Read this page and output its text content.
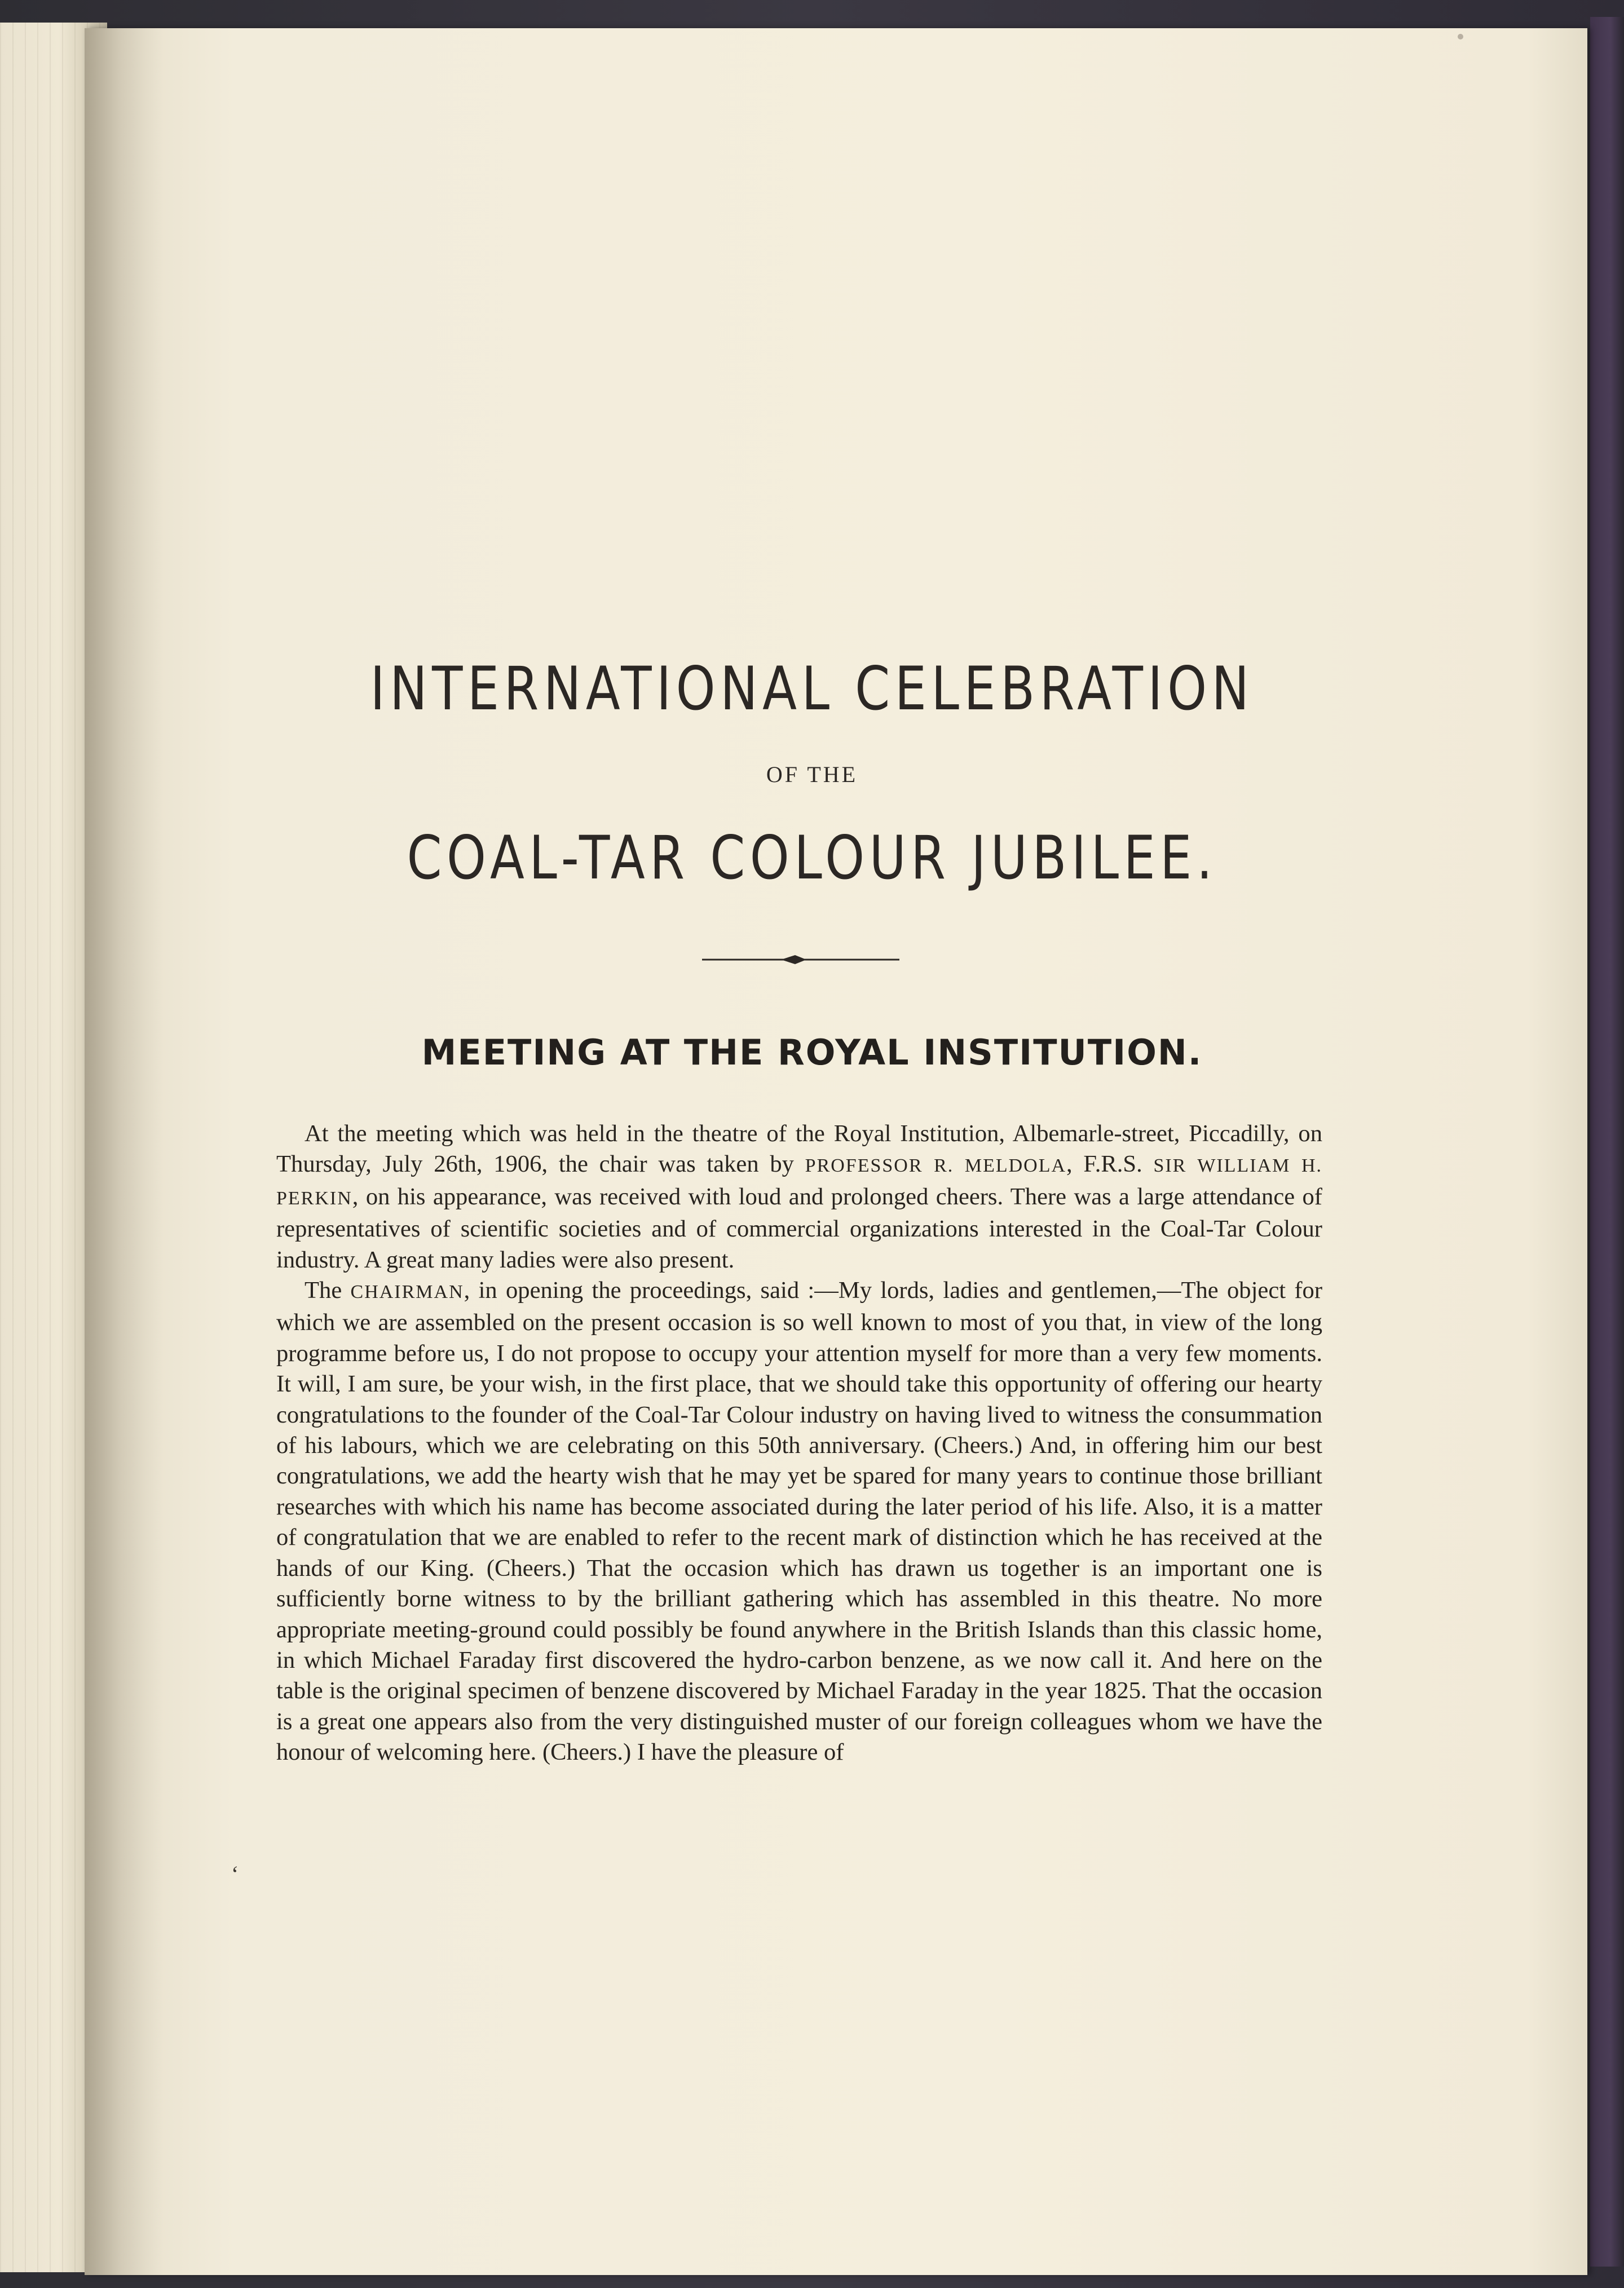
INTERNATIONAL CELEBRATION
OF THE
COAL-TAR COLOUR JUBILEE.
MEETING AT THE ROYAL INSTITUTION.

At the meeting which was held in the theatre of the Royal Institution, Albemarle-street, Piccadilly, on Thursday, July 26th, 1906, the chair was taken by PROFESSOR R. MELDOLA, F.R.S. SIR WILLIAM H. PERKIN, on his appearance, was received with loud and prolonged cheers. There was a large attendance of representatives of scientific societies and of commercial organizations interested in the Coal-Tar Colour industry. A great many ladies were also present.

The CHAIRMAN, in opening the proceedings, said :—My lords, ladies and gentlemen,—The object for which we are assembled on the present occasion is so well known to most of you that, in view of the long programme before us, I do not propose to occupy your attention myself for more than a very few moments. It will, I am sure, be your wish, in the first place, that we should take this opportunity of offering our hearty congratulations to the founder of the Coal-Tar Colour industry on having lived to witness the consummation of his labours, which we are celebrating on this 50th anniversary. (Cheers.) And, in offering him our best congratulations, we add the hearty wish that he may yet be spared for many years to continue those brilliant researches with which his name has become associated during the later period of his life. Also, it is a matter of congratulation that we are enabled to refer to the recent mark of distinction which he has received at the hands of our King. (Cheers.) That the occasion which has drawn us together is an important one is sufficiently borne witness to by the brilliant gathering which has assembled in this theatre. No more appropriate meeting-ground could possibly be found anywhere in the British Islands than this classic home, in which Michael Faraday first discovered the hydro-carbon benzene, as we now call it. And here on the table is the original specimen of benzene discovered by Michael Faraday in the year 1825. That the occasion is a great one appears also from the very distinguished muster of our foreign colleagues whom we have the honour of welcoming here. (Cheers.) I have the pleasure of

‘
